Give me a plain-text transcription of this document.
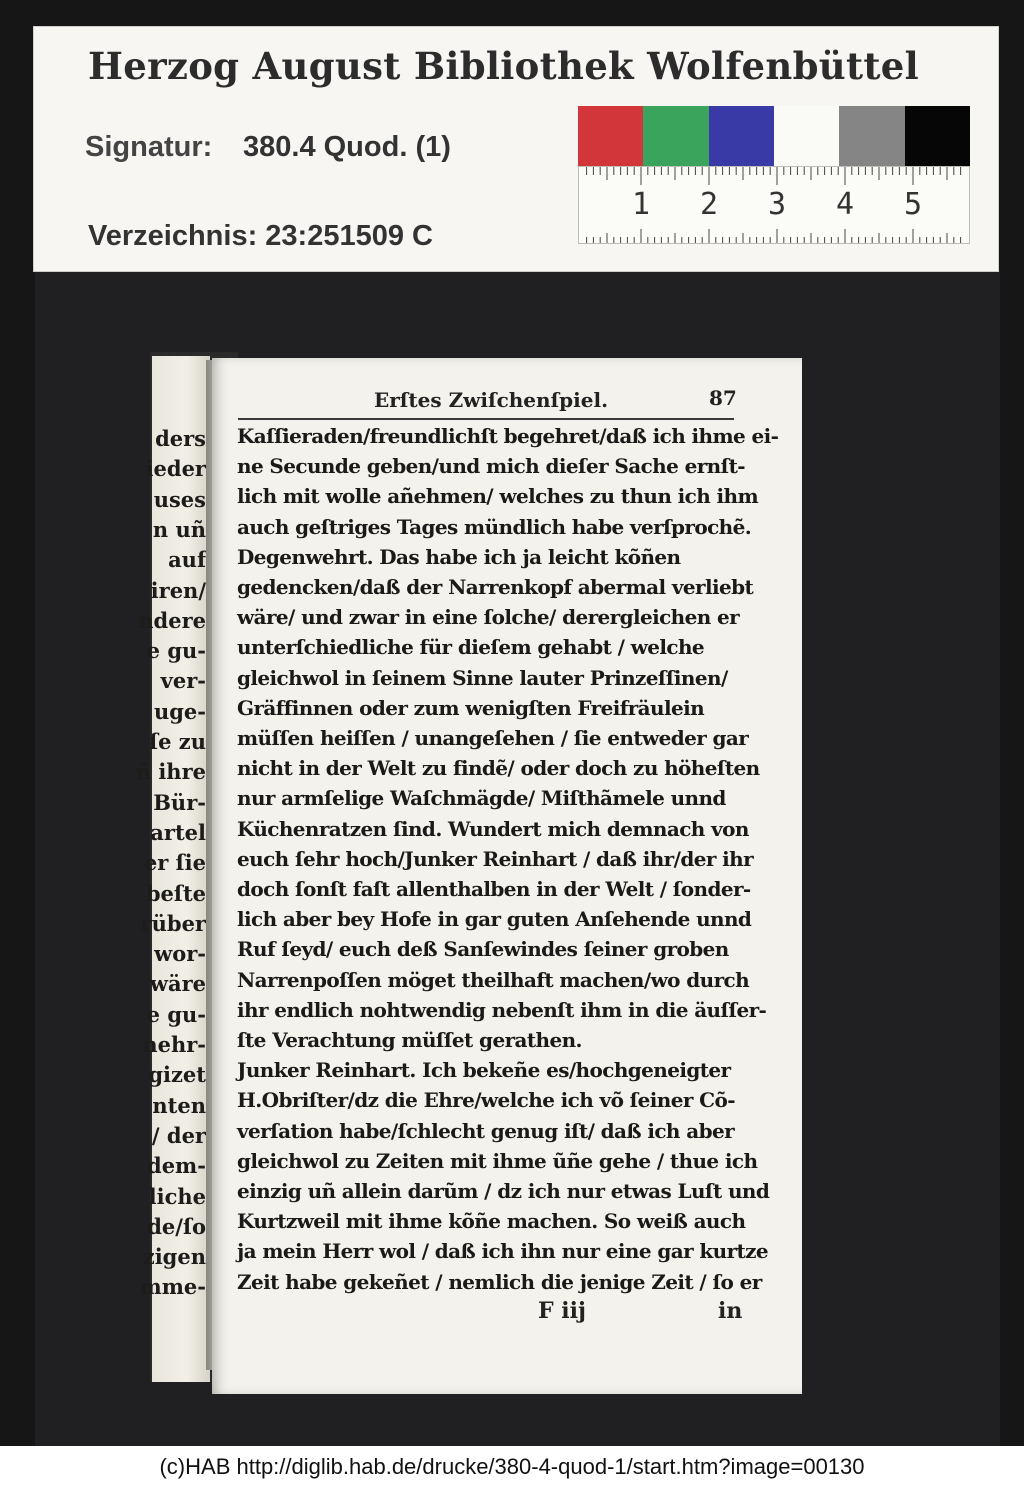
Herzog August Bibliothek Wolfenbüttel
Signatur: 380.4 Quod. (1)
Verzeichnis: 23:251509 C
1 2 3 4 5
ders
ieder
uses
n uñ
auf
iren/
ndere
e gu-
ver-
uge-
ſe zu
ñ ihre
Bür-
artel
er ſie
beſte
rüber
wor-
wäre
e gu-
nehr-
gizet
nten
/ der
dem-
liche
de/ſo
zigen
mme-
Erſtes Zwiſchenſpiel.	87
F iij	in
Kaſſieraden/freundlichſt begehret/daß ich ihme ei-
ne Secunde geben/und mich dieſer Sache ernſt-
lich mit wolle añehmen/ welches zu thun ich ihm
auch geſtriges Tages mündlich habe verſprochẽ.
Degenwehrt. Das habe ich ja leicht kõñen
gedencken/daß der Narrenkopf abermal verliebt
wäre/ und zwar in eine ſolche/ derergleichen er
unterſchiedliche für dieſem gehabt / welche
gleichwol in ſeinem Sinne lauter Prinzeſſinen/
Gräffinnen oder zum wenigſten Freifräulein
müſſen heiſſen / unangeſehen / ſie entweder gar
nicht in der Welt zu findẽ/ oder doch zu höheſten
nur armſelige Waſchmägde/ Miſthãmele unnd
Küchenratzen ſind. Wundert mich demnach von
euch ſehr hoch/Junker Reinhart / daß ihr/der ihr
doch ſonſt faſt allenthalben in der Welt / ſonder-
lich aber bey Hofe in gar guten Anſehende unnd
Ruf ſeyd/ euch deß Sanſewindes ſeiner groben
Narrenpoſſen möget theilhaft machen/wo durch
ihr endlich nohtwendig nebenſt ihm in die äuſſer-
ſte Verachtung müſſet gerathen.
Junker Reinhart. Ich bekeñe es/hochgeneigter
H.Obriſter/dz die Ehre/welche ich võ ſeiner Cõ-
verſation habe/ſchlecht genug iſt/ daß ich aber
gleichwol zu Zeiten mit ihme ũñe gehe / thue ich
einzig uñ allein darũm / dz ich nur etwas Luſt und
Kurtzweil mit ihme kõñe machen. So weiß auch
ja mein Herr wol / daß ich ihn nur eine gar kurtze
Zeit habe gekeñet / nemlich die jenige Zeit / ſo er
(c)HAB http://diglib.hab.de/drucke/380-4-quod-1/start.htm?image=00130
